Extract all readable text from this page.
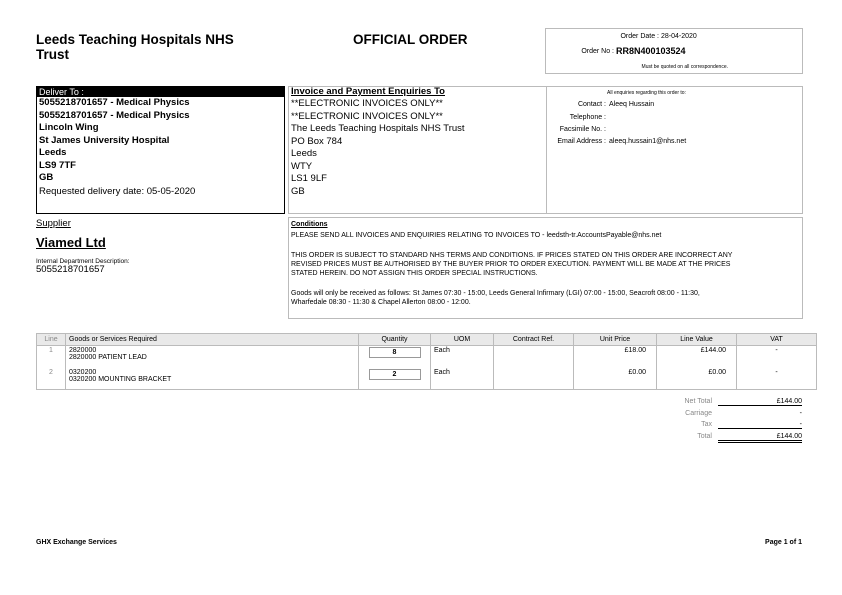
Leeds Teaching Hospitals NHS
Trust
OFFICIAL ORDER	Order Date : 28-04-2020
Order No : RR8N400103524
Must be quoted on all correspondence.
Deliver To :
5055218701657 - Medical Physics
5055218701657 - Medical Physics
Lincoln Wing
St James University Hospital
Leeds
LS9 7TF
GB
Requested delivery date: 05-05-2020
Invoice and Payment Enquiries To
**ELECTRONIC INVOICES ONLY**
**ELECTRONIC INVOICES ONLY**
The Leeds Teaching Hospitals NHS Trust
PO Box 784
Leeds
WTY
LS1 9LF
GB
All enquiries regarding this order to:
Contact : Aleeq Hussain
Telephone :
Facsimile No. :
Email Address : aleeq.hussain1@nhs.net
Supplier
Viamed Ltd
Internal Department Description:
5055218701657
Conditions
PLEASE SEND ALL INVOICES AND ENQUIRIES RELATING TO INVOICES TO - leedsth-tr.AccountsPayable@nhs.net
THIS ORDER IS SUBJECT TO STANDARD NHS TERMS AND CONDITIONS. IF PRICES STATED ON THIS ORDER ARE INCORRECT ANY
REVISED PRICES MUST BE AUTHORISED BY THE BUYER PRIOR TO ORDER EXECUTION. PAYMENT WILL BE MADE AT THE PRICES
STATED HEREIN. DO NOT ASSIGN THIS ORDER SPECIAL INSTRUCTIONS.
Goods will only be received as follows: St James 07:30 - 15:00, Leeds General Infirmary (LGI) 07:00 - 15:00, Seacroft 08:00 - 11:30,
Wharfedale 08:30 - 11:30 & Chapel Allerton 08:00 - 12:00.
Line	Goods or Services Required	Quantity	UOM	Contract Ref.	Unit Price	Line Value	VAT
1	2820000
2820000 PATIENT LEAD	8	Each		£18.00	£144.00	-
2	0320200
0320200 MOUNTING BRACKET	2	Each		£0.00	£0.00	-
Net Total	£144.00
Carriage	-
Tax	-
Total	£144.00
GHX Exchange Services	Page 1 of 1
